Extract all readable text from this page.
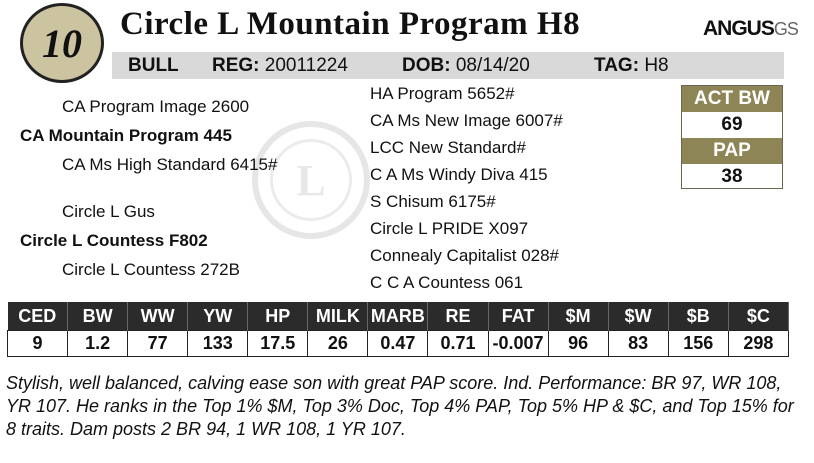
10 Circle L Mountain Program H8	ANGUSGS
BULL REG: 20011224	DOB: 08/14/20	TAG: H8
L
CA Program Image 2600
CA Mountain Program 445
CA Ms High Standard 6415#
Circle L Gus
Circle L Countess F802
Circle L Countess 272B
HA Program 5652#
CA Ms New Image 6007#
LCC New Standard#
C A Ms Windy Diva 415
S Chisum 6175#
Circle L PRIDE X097
Connealy Capitalist 028#
C C A Countess 061
ACT BW
69
PAP
38
CED	BW	WW	YW	HP	MILK	MARB	RE	FAT	$M	$W	$B	$C
9	1.2	77	133	17.5	26	0.47	0.71	-0.007	96	83	156	298
Stylish, well balanced, calving ease son with great PAP score. Ind. Performance: BR 97, WR 108, YR 107. He ranks in the Top 1% $M, Top 3% Doc, Top 4% PAP, Top 5% HP & $C, and Top 15% for 8 traits. Dam posts 2 BR 94, 1 WR 108, 1 YR 107.
